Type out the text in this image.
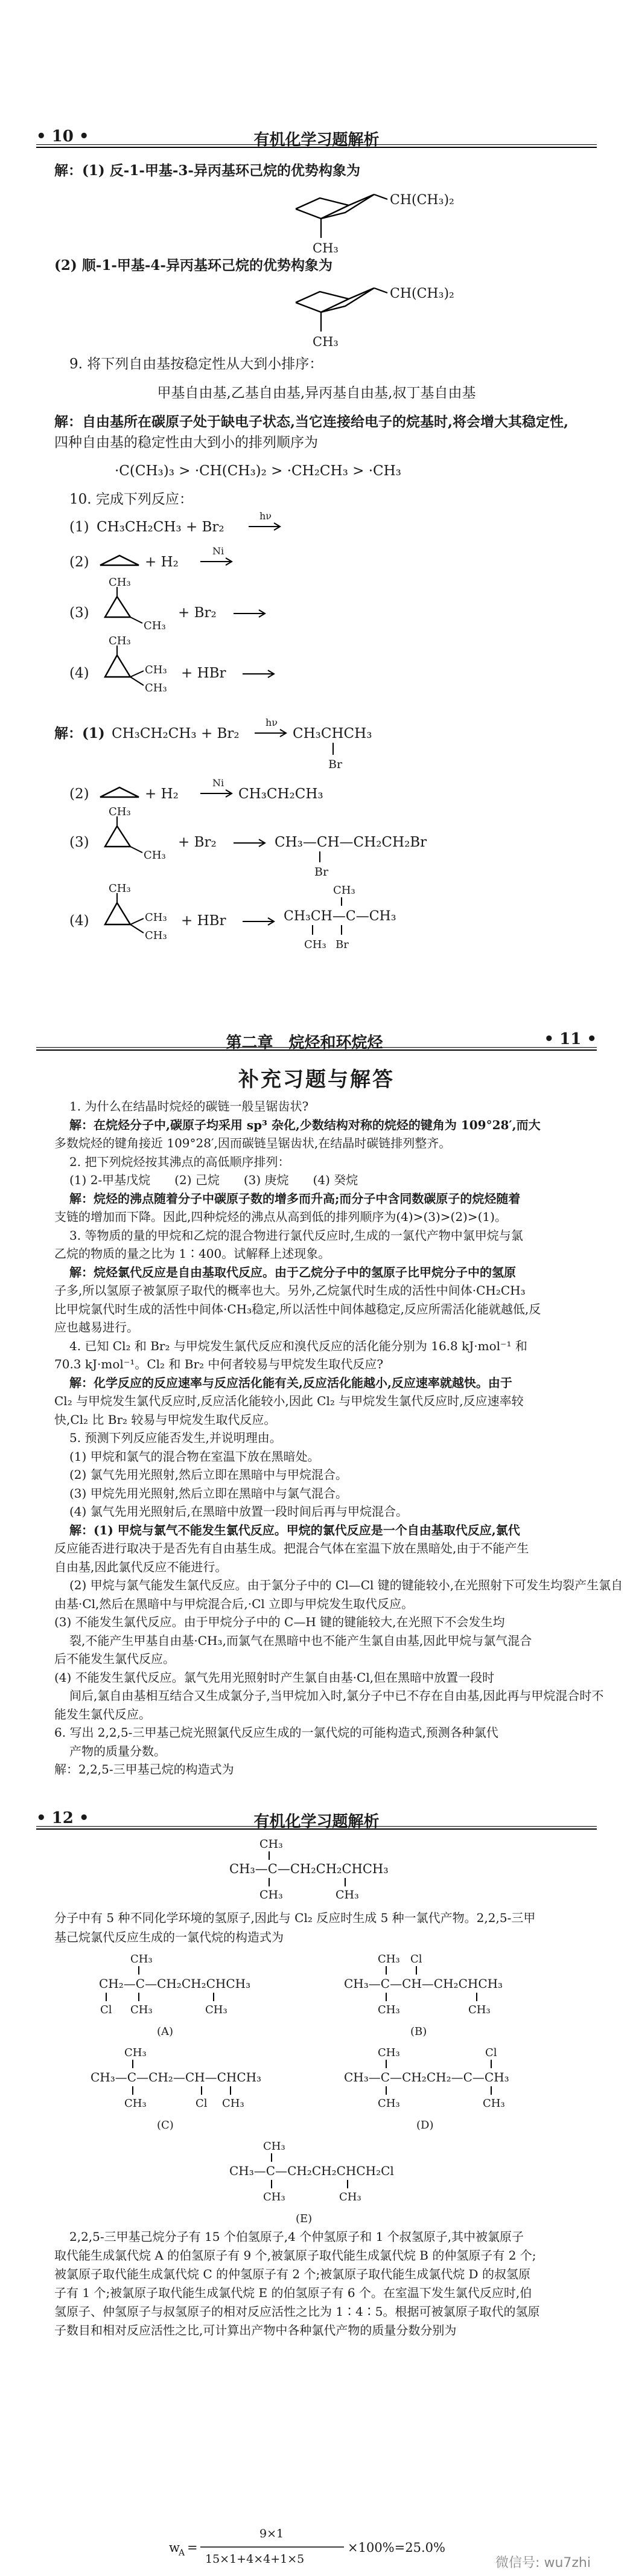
• 10 •	有机化学习题解析
解：(1) 反-1-甲基-3-异丙基环己烷的优势构象为
CH(CH₃)₂
CH₃
(2) 顺-1-甲基-4-异丙基环己烷的优势构象为
CH(CH₃)₂
CH₃
9. 将下列自由基按稳定性从大到小排序：
甲基自由基,乙基自由基,异丙基自由基,叔丁基自由基
解：自由基所在碳原子处于缺电子状态,当它连接给电子的烷基时,将会增大其稳定性,
四种自由基的稳定性由大到小的排列顺序为
·C(CH₃)₃ > ·CH(CH₃)₂ > ·CH₂CH₃ > ·CH₃
10. 完成下列反应：
(1) CH₃CH₂CH₃ + Br₂
hν
(2)	+ H₂
Ni
(3)
CH₃
CH₃
+ Br₂
(4)
CH₃
CH₃
CH₃
+ HBr
解：(1) CH₃CH₂CH₃ + Br₂
hν
CH₃CHCH₃
Br
(2)	+ H₂
Ni
CH₃CH₂CH₃
(3)
CH₃
CH₃
+ Br₂	CH₃—CH—CH₂CH₂Br
Br
(4)
CH₃
CH₃
CH₃
+ HBr
CH₃
CH₃CH—C—CH₃
CH₃ Br
第二章　烷烃和环烷烃	• 11 •
补充习题与解答
1. 为什么在结晶时烷烃的碳链一般呈锯齿状?
解：在烷烃分子中,碳原子均采用 sp³ 杂化,少数结构对称的烷烃的键角为 109°28′,而大
多数烷烃的键角接近 109°28′,因而碳链呈锯齿状,在结晶时碳链排列整齐。
2. 把下列烷烃按其沸点的高低顺序排列：
(1) 2-甲基戊烷　　(2) 己烷　　(3) 庚烷　　(4) 癸烷
解：烷烃的沸点随着分子中碳原子数的增多而升高;而分子中含同数碳原子的烷烃随着
支链的增加而下降。因此,四种烷烃的沸点从高到低的排列顺序为(4)>(3)>(2)>(1)。
3. 等物质的量的甲烷和乙烷的混合物进行氯代反应时,生成的一氯代产物中氯甲烷与氯
乙烷的物质的量之比为 1∶400。试解释上述现象。
解：烷烃氯代反应是自由基取代反应。由于乙烷分子中的氢原子比甲烷分子中的氢原
子多,所以氢原子被氯原子取代的概率也大。另外,乙烷氯代时生成的活性中间体·CH₂CH₃
比甲烷氯代时生成的活性中间体·CH₃稳定,所以活性中间体越稳定,反应所需活化能就越低,反
应也越易进行。
4. 已知 Cl₂ 和 Br₂ 与甲烷发生氯代反应和溴代反应的活化能分别为 16.8 kJ·mol⁻¹ 和
70.3 kJ·mol⁻¹。Cl₂ 和 Br₂ 中何者较易与甲烷发生取代反应?
解：化学反应的反应速率与反应活化能有关,反应活化能越小,反应速率就越快。由于
Cl₂ 与甲烷发生氯代反应时,反应活化能较小,因此 Cl₂ 与甲烷发生氯代反应时,反应速率较
快,Cl₂ 比 Br₂ 较易与甲烷发生取代反应。
5. 预测下列反应能否发生,并说明理由。
(1) 甲烷和氯气的混合物在室温下放在黑暗处。
(2) 氯气先用光照射,然后立即在黑暗中与甲烷混合。
(3) 甲烷先用光照射,然后立即在黑暗中与氯气混合。
(4) 氯气先用光照射后,在黑暗中放置一段时间后再与甲烷混合。
解：(1) 甲烷与氯气不能发生氯代反应。甲烷的氯代反应是一个自由基取代反应,氯代
反应能否进行取决于是否先有自由基生成。把混合气体在室温下放在黑暗处,由于不能产生
自由基,因此氯代反应不能进行。
(2) 甲烷与氯气能发生氯代反应。由于氯分子中的 Cl—Cl 键的键能较小,在光照射下可发生均裂产生氯自
由基·Cl,然后在黑暗中与甲烷混合后,·Cl 立即与甲烷发生取代反应。
(3) 不能发生氯代反应。由于甲烷分子中的 C—H 键的键能较大,在光照下不会发生均
裂,不能产生甲基自由基·CH₃,而氯气在黑暗中也不能产生氯自由基,因此甲烷与氯气混合
后不能发生氯代反应。
(4) 不能发生氯代反应。氯气先用光照射时产生氯自由基·Cl,但在黑暗中放置一段时
间后,氯自由基相互结合又生成氯分子,当甲烷加入时,氯分子中已不存在自由基,因此再与甲烷混合时不
能发生氯代反应。
6. 写出 2,2,5-三甲基己烷光照氯代反应生成的一氯代烷的可能构造式,预测各种氯代
产物的质量分数。
解：2,2,5-三甲基己烷的构造式为
• 12 •	有机化学习题解析
CH₃
CH₃—C—CH₂CH₂CHCH₃
CH₃	CH₃
分子中有 5 种不同化学环境的氢原子,因此与 Cl₂ 反应时生成 5 种一氯代产物。2,2,5-三甲
基己烷氯代反应生成的一氯代烷的构造式为
CH₃
CH₂—C—CH₂CH₂CHCH₃
Cl CH₃	CH₃
(A)
CH₃ Cl
CH₃—C—CH—CH₂CHCH₃
CH₃	CH₃
(B)
CH₃
CH₃—C—CH₂—CH—CHCH₃
CH₃	Cl CH₃
(C)
CH₃	Cl
CH₃—C—CH₂CH₂—C—CH₃
CH₃	CH₃
(D)
CH₃
CH₃—C—CH₂CH₂CHCH₂Cl
CH₃	CH₃
(E)
2,2,5-三甲基己烷分子有 15 个伯氢原子,4 个仲氢原子和 1 个叔氢原子,其中被氯原子
取代能生成氯代烷 A 的伯氢原子有 9 个,被氯原子取代能生成氯代烷 B 的仲氢原子有 2 个;
被氯原子取代能生成氯代烷 C 的仲氢原子有 2 个;被氯原子取代能生成氯代烷 D 的叔氢原
子有 1 个;被氯原子取代能生成氯代烷 E 的伯氢原子有 6 个。在室温下发生氯代反应时,伯
氢原子、仲氢原子与叔氢原子的相对反应活性之比为 1∶4∶5。根据可被氯原子取代的氢原
子数目和相对反应活性之比,可计算出产物中各种氯代产物的质量分数分别为
9×1
w
A =
15×1+4×4+1×5
×100%=25.0%
微信号: wu7zhi
